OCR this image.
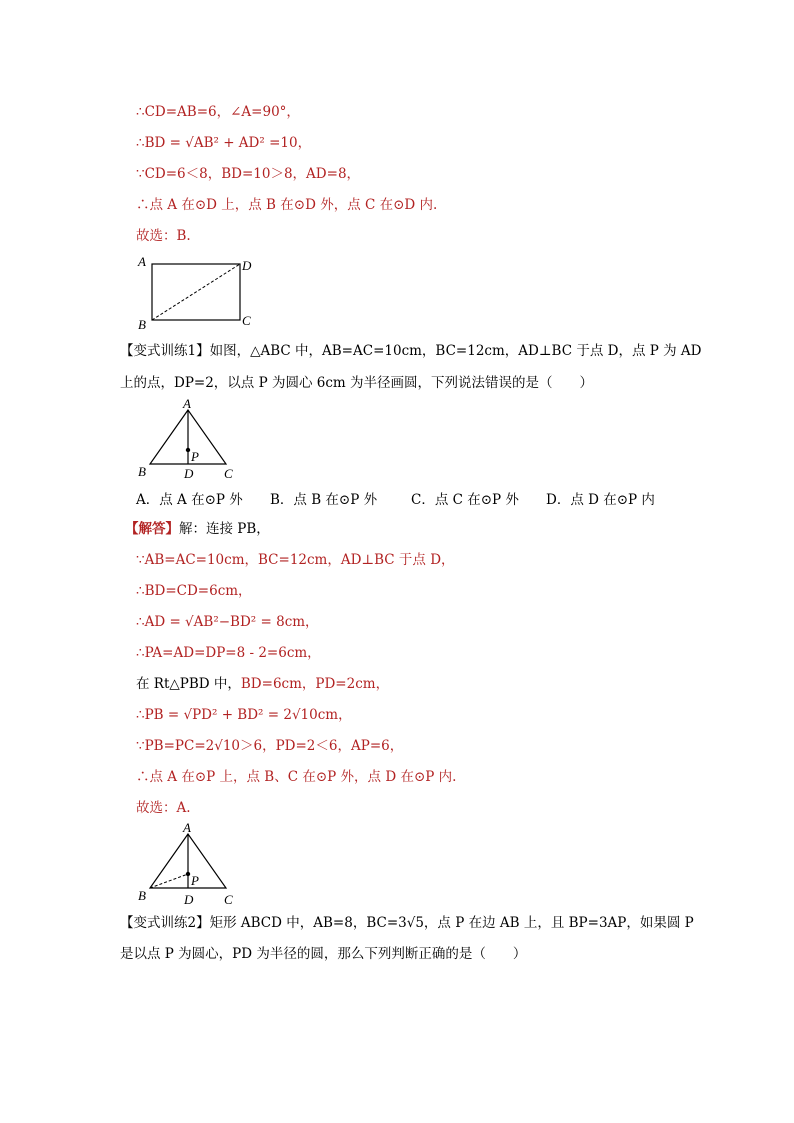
∴CD=AB=6，∠A=90°，
∴BD = √AB² + AD² =10，
∵CD=6＜8，BD=10＞8，AD=8，
∴点 A 在⊙D 上，点 B 在⊙D 外，点 C 在⊙D 内.
故选：B.
A	D
B	C
【变式训练1】如图，△ABC 中，AB=AC=10cm，BC=12cm，AD⊥BC 于点 D，点 P 为 AD
上的点，DP=2，以点 P 为圆心 6cm 为半径画圆，下列说法错误的是（　　）
A
B	D C
P
A．点 A 在⊙P 外 B．点 B 在⊙P 外	C．点 C 在⊙P 外 D．点 D 在⊙P 内
【解答】解：连接 PB，
∵AB=AC=10cm，BC=12cm，AD⊥BC 于点 D，
∴BD=CD=6cm，
∴AD = √AB²−BD² = 8cm，
∴PA=AD=DP=8 - 2=6cm，
在 Rt△PBD 中，BD=6cm，PD=2cm，
∴PB = √PD² + BD² = 2√10cm，
∵PB=PC=2√10＞6，PD=2＜6，AP=6，
∴点 A 在⊙P 上，点 B、C 在⊙P 外，点 D 在⊙P 内.
故选：A.
A
B	D C
P
【变式训练2】矩形 ABCD 中，AB=8，BC=3√5，点 P 在边 AB 上，且 BP=3AP，如果圆 P
是以点 P 为圆心，PD 为半径的圆，那么下列判断正确的是（　　）
